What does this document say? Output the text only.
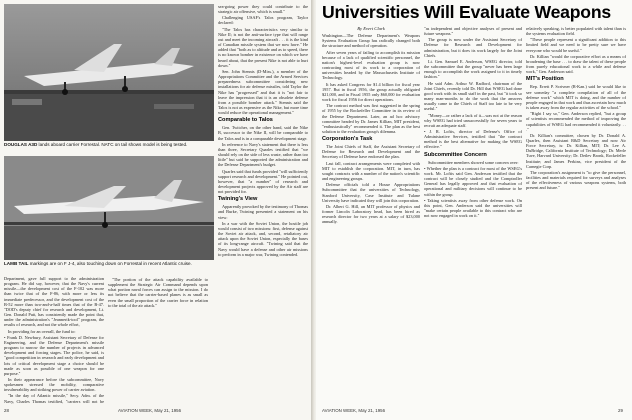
DOUGLAS A3D lands aboard carrier Forrestal. NATC on tail shows model is being tested.
LAMB TAIL markings are on F J-4, also touching down on Forrestal in recent Atlantic cruise.

Department, gave full support to the administration program. He did say, however, that the Navy's current missile—the development cost of the F-102 was more than twice that of the F-86, with more or less its immediate predecessor, and the development cost of the B-52 more than two-and-a-half times that of the B-47. "DOD's deputy chief for research and development, Lt. Gen. Donald Putt, has consistently made the point that, under the administration's "Jeannerik-tool" program, the results of research, and not the whole effort,

In providing for an overall, the fund to:

• Frank D. Newbury, Assistant Secretary of Defense for Engineering, and the Defense Department's missile program to narrow the number of projects in advanced development and forcing stages. The police, he said, is "good competition in research and early development and lots of critical development stage a choice should be made as soon as possible of one weapon for one purpose."

In their appearance before the subcommittee, Navy spokesmen stressed the mobility, comparative invulnerability and striking power of carrier aviation.

"In the day of Atlantic missile," Secy. Adm. of the Navy, Charles Thomas testified, "carriers will not be

"The portion of the attack capability available to supplement the Strategic Air Command depends upon what portion naval forces can assign to the mission. I do not believe that the carrier-based planes is as small as even the small proportion of the carrier force in relation to the total of the air attack."

sea-going power they could contribute to the strategic air offensive, which is small."

Challenging USAF's Talos program, Taylor declared:

"The Talos has characteristics very similar to Nike II; is not the anti-surface type that will range out and meet the incoming aircraft . . . it is the kind of Canadian missile system that we now have." He added that "both as to altitude and as to speed, there is no known bomber in existence on which we have heard about, that the present Nike is not able to hurt down."

Sen. John Stennis (D-Miss.), a member of the Appropriations Committee and the Armed Services preparedness subcommittee considering new installations for air defense missiles, told Taylor the Nike has "progressed" and that it is "not fair to leave the impression that it is an obsolete defense from a possible bomber attack." Stennis said the Talos is not as expensive as the Nike, but more time would reduce the operational management."

Comparable to Talos

Gen. Twitcher, on the other hand, said the Nike B, successor to the Nike II, will be comparable to the Talos and is in a comparable development stage.

In reference to Navy's statement that there is less than three, Secretary Quarles testified that "we should rely on the side of less waste, rather than too little" but said he supported the administration and the Defense Department's budget.

Quarles said that funds provided "will sufficiently support research and development." He pointed out, however, that "a number" of research and development projects approved by the Air staff are not provided for.

Twining's View

Apparently provoked by the testimony of Thomas and Burke, Twining presented a statement on his view:

In a war with the Soviet Union, the hostile job would consist of two missions: first, defense against the Soviet air attack, and, second, retaliatory air attack upon the Soviet Union, especially the bases of its long-range aircraft. "Twining said that the Navy would have a defense and other air missions to perform in a major war, Twining contended.

28	AVIATION WEEK, May 21, 1956
Universities Will Evaluate Weapons
By Evert Clark

Washington—The Defense Department's Weapons Systems Evaluation Group has radically changed both the structure and method of operation.

After seven years of failing to accomplish its mission because of a lack of qualified scientific personnel, the nation's highest-level evaluation group is now contracting most of its work to a corporation of universities headed by the Massachusetts Institute of Technology.

It has asked Congress for $1.4 billion for fiscal year 1957. But in fiscal 1956, the group actually obligated $21,000, and in Fiscal 1955 only $60,000 for evaluation work for fiscal 1956 for direct operations.

The contract method was first suggested in the spring of 1955 by the Rockefeller Committee in its review of the Defense Department. Later, an ad hoc advisory committee headed by Dr. James Killian, MIT president, "enthusiastically" recommended it. The plan as the best solution to the evaluation group's dilemma.

Corporation's Task

The Joint Chiefs of Staff, the Assistant Secretary of Defense for Research and Development and the Secretary of Defense have endorsed the plan.

Last fall, contract arrangements were completed with MIT to establish the corporation. MIT, in turn, has sought contracts with a number of the nation's scientific and engineering groups.

Defense officials told a House Appropriations Subcommittee that the universities of Technology, Stanford University, Case Institute and Tulane University have indicated they will join this corporation.

Dr. Albert G. Hill, an MIT professor of physics and former Lincoln Laboratory head, has been hired as research director for two years at a salary of $23,000 annually.

"as independent and objective analyses of present and future weapons."

The group is now under the Assistant Secretary of Defense for Research and Development for administration, but it does its work largely for the Joint Chiefs.

Lt. Gen. Samuel E. Anderson, WSEG director, told the subcommittee that the group "never has been large enough to accomplish the work assigned to it in timely fashion."

He said Adm. Arthur W. Radford, chairman of the Joint Chiefs, recently told Dr. Hill that WSEG had done good work with its small staff in the past, but "it took so many man-months to do the work that the answers usually came to the Chiefs of Staff too late to be very useful."

"Money—or rather a lack of it—was not at the reason why WSEG had tried unsuccessfully for seven years to recruit an adequate staff.

• J. R. Loftis, director of Defense's Office of Administrative Services, testified that "the contract method is the best alternative for making the WSEG effective."

Subcommittee Concern

Subcommittee members showed some concern over:

• Whether the plan is a contract for most of the WSEG's work. Mr. Loftis said Gen. Anderson testified that the contract will be closely studied and the Comptroller General has legally approved and that evaluation of operational and military decisions will continue to be within the group.

• Taking scientists away from other defense work. On this point, Gen. Anderson said the universities will "make certain people available to this contract who are not now engaged in work on it."

relatively speaking, is better populated with talent than is the systems evaluation field.

"These people represent a significant addition to this limited field and we need to be pretty sure we have everyone who would be useful."

Dr. Killian "would the corporative effort as a means of broadening the base . . . to draw the talent of these people from purely educational work to a while and defense work," Gen. Anderson said.

MIT's Position

Rep. Errett P. Scrivner (R-Kan.) said he would like to see someday "a complete compilation of all of the defense work" which MIT is doing, and the number of people engaged in that work and thus ascertain how much is taken away from the regular activities of the school."

"Right I say so," Gen. Anderson replied, "but a group of scientists recommended the method of improving the capabilities of WSEG had recommended it voluntarily. . . ."

Dr. Killian's committee, chosen by Dr. Donald A. Quarles, then Assistant R&D Secretary and now Air Force Secretary, is: Dr. Killian, MIT; Dr. Lee A. DuBridge, California Institute of Technology; Dr. Merle Tuve, Harvard University; Dr. Detlev Bronk, Rockefeller Institute; and James Perkins, vice president of the Carnegie Corp.

The corporation's assignment is "to give the personnel, facilities and materials required for surveys and analyses of the effectiveness of various weapons systems, both present and future."

AVIATION WEEK, May 21, 1956	29
